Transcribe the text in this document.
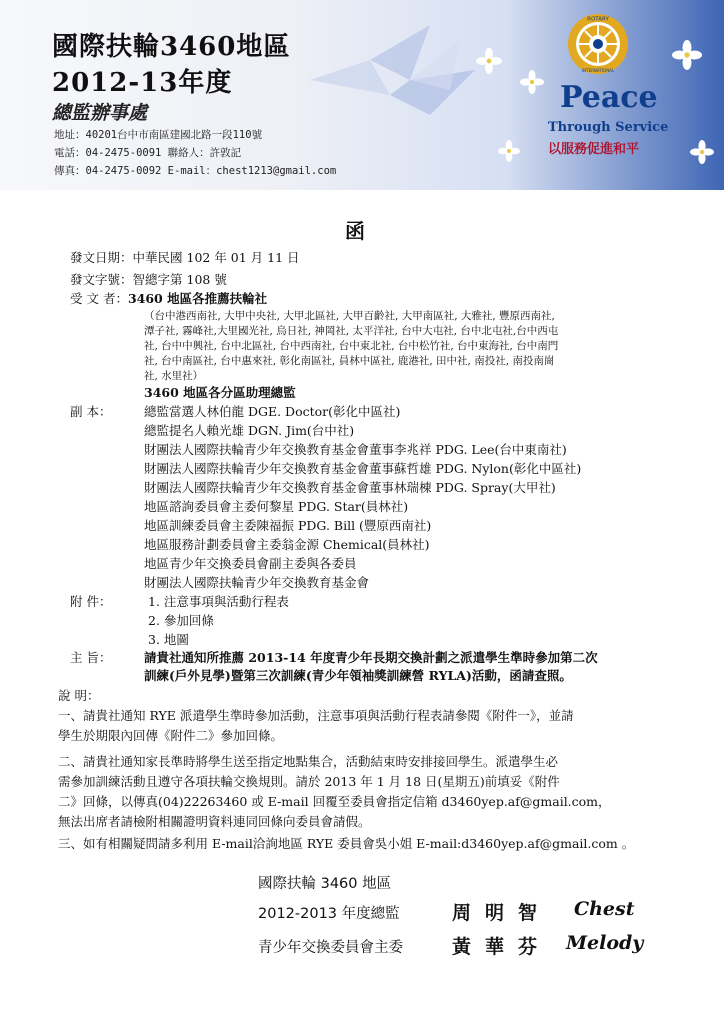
國際扶輪3460地區
2012-13年度
總監辦事處
地址：40201台中市南區建國北路一段110號
電話：04-2475-0091 聯絡人：許敦記
傳真：04-2475-0092 E-mail：chest1213@gmail.com
ROTARY
INTERNATIONAL
Peace
Through Service
以服務促進和平
函
發文日期：中華民國 102 年 01 月 11 日
發文字號：智總字第 108 號
受 文 者：3460 地區各推薦扶輪社
（台中港西南社, 大甲中央社, 大甲北區社, 大甲百齡社, 大甲南區社, 大雅社, 豐原西南社,
潭子社, 霧峰社,大里國光社, 烏日社, 神岡社, 太平洋社, 台中大屯社, 台中北屯社,台中西屯
社, 台中中興社, 台中北區社, 台中西南社, 台中東北社, 台中松竹社, 台中東海社, 台中南門
社, 台中南區社, 台中惠來社, 彰化南區社, 員林中區社, 鹿港社, 田中社, 南投社, 南投南崗
社, 水里社）
3460 地區各分區助理總監
副 本：	總監當選人林伯龍 DGE. Doctor(彰化中區社)
總監提名人賴光雄 DGN. Jim(台中社)
財團法人國際扶輪青少年交換教育基金會董事李兆祥 PDG. Lee(台中東南社)
財團法人國際扶輪青少年交換教育基金會董事蘇哲雄 PDG. Nylon(彰化中區社)
財團法人國際扶輪青少年交換教育基金會董事林瑞棟 PDG. Spray(大甲社)
地區諮詢委員會主委何黎星 PDG. Star(員林社)
地區訓練委員會主委陳福振 PDG. Bill (豐原西南社)
地區服務計劃委員會主委翁金源 Chemical(員林社)
地區青少年交換委員會副主委與各委員
財團法人國際扶輪青少年交換教育基金會
附 件：	1. 注意事項與活動行程表
2. 參加回條
3. 地圖
主 旨：	請貴社通知所推薦 2013-14 年度青少年長期交換計劃之派遣學生準時參加第二次
訓練(戶外見學)暨第三次訓練(青少年領袖獎訓練營 RYLA)活動，函請查照。
說 明：
一、請貴社通知 RYE 派遣學生準時參加活動，注意事項與活動行程表請參閱《附件一》，並請
學生於期限內回傳《附件二》參加回條。
二、請貴社通知家長準時將學生送至指定地點集合，活動結束時安排接回學生。派遣學生必
需參加訓練活動且遵守各項扶輪交換規則。請於 2013 年 1 月 18 日(星期五)前填妥《附件
二》回條，以傳真(04)22263460 或 E-mail 回覆至委員會指定信箱 d3460yep.af@gmail.com，
無法出席者請檢附相關證明資料連同回條向委員會請假。
三、如有相關疑問請多利用 E-mail洽詢地區 RYE 委員會吳小姐 E-mail:d3460yep.af@gmail.com 。
國際扶輪 3460 地區
2012-2013 年度總監	周明智 Chest
青少年交換委員會主委	黃華芬 Melody
